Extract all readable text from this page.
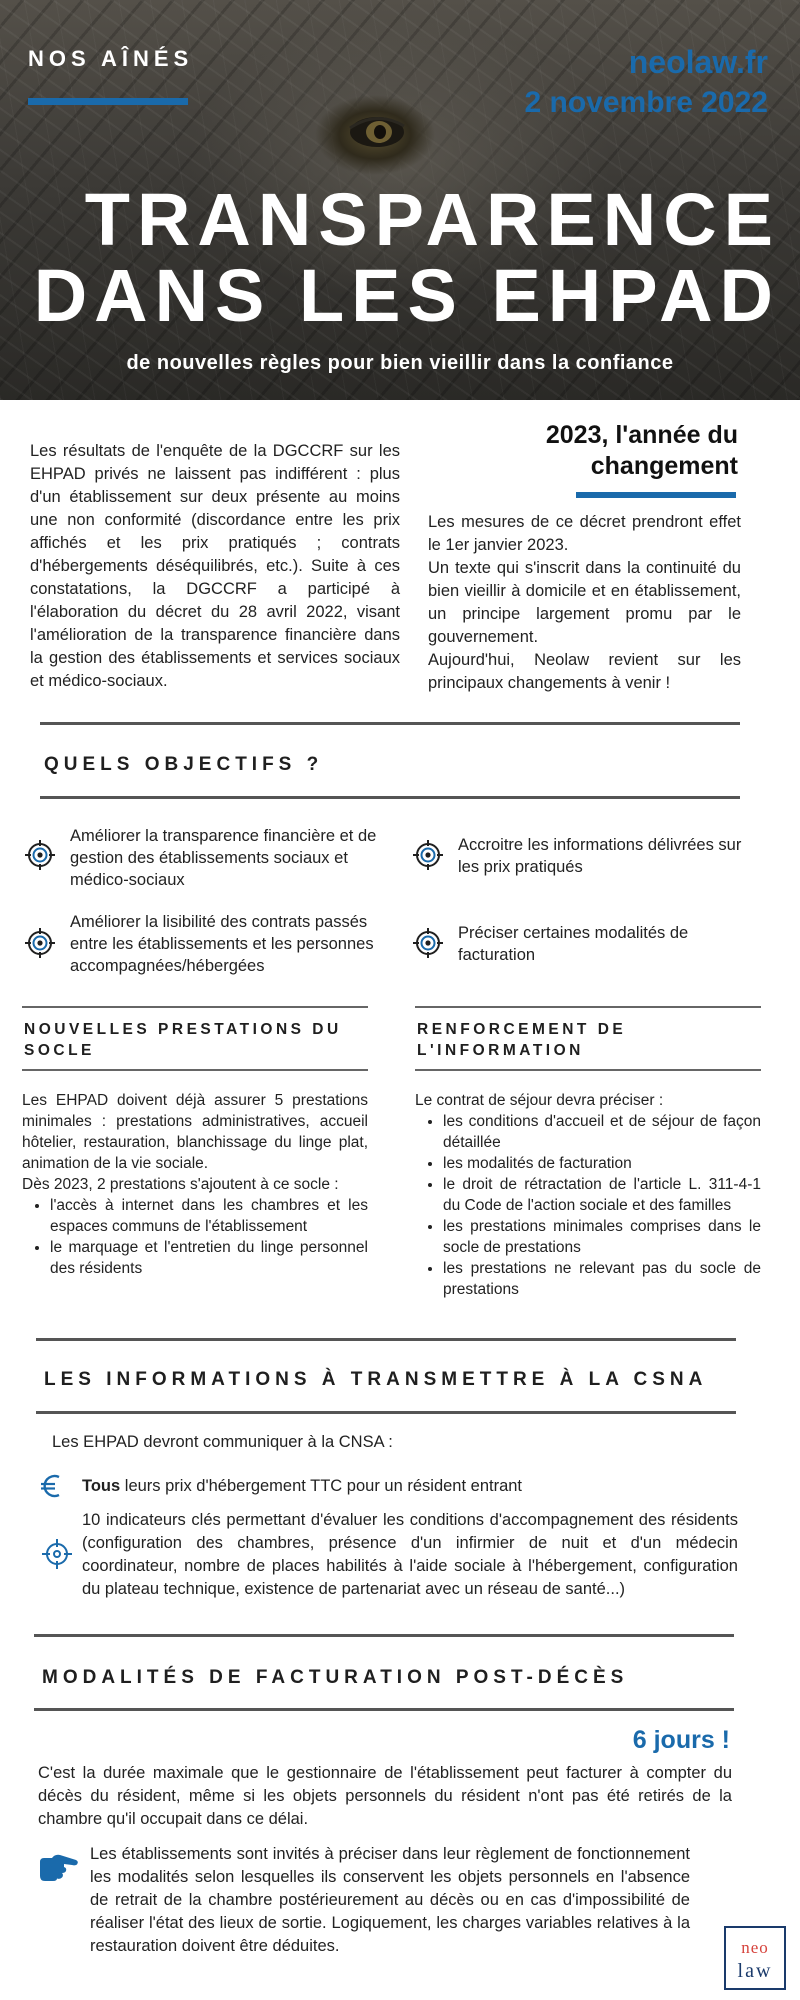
NOS AÎNÉS	neolaw.fr
2 novembre 2022
TRANSPARENCE
DANS LES EHPAD
de nouvelles règles pour bien vieillir dans la confiance
Les résultats de l'enquête de la DGCCRF sur les EHPAD privés ne laissent pas indifférent : plus d'un établissement sur deux présente au moins une non conformité (discordance entre les prix affichés et les prix pratiqués ; contrats d'hébergements déséquilibrés, etc.). Suite à ces constatations, la DGCCRF a participé à l'élaboration du décret du 28 avril 2022, visant l'amélioration de la transparence financière dans la gestion des établissements et services sociaux et médico-sociaux.
2023, l'année du
changement
Les mesures de ce décret prendront effet le 1er janvier 2023.
Un texte qui s'inscrit dans la continuité du bien vieillir à domicile et en établissement, un principe largement promu par le gouvernement.
Aujourd'hui, Neolaw revient sur les principaux changements à venir !
QUELS OBJECTIFS ?
Améliorer la transparence financière et de gestion des établissements sociaux et médico-sociaux
Accroitre les informations délivrées sur les prix pratiqués
Améliorer la lisibilité des contrats passés entre les établissements et les personnes accompagnées/hébergées
Préciser certaines modalités de facturation
NOUVELLES PRESTATIONS DU
SOCLE
Les EHPAD doivent déjà assurer 5 prestations minimales : prestations administratives, accueil hôtelier, restauration, blanchissage du linge plat, animation de la vie sociale.
Dès 2023, 2 prestations s'ajoutent à ce socle :
• l'accès à internet dans les chambres et les espaces communs de l'établissement
• le marquage et l'entretien du linge personnel des résidents
RENFORCEMENT DE
L'INFORMATION
Le contrat de séjour devra préciser :
• les conditions d'accueil et de séjour de façon détaillée
• les modalités de facturation
• le droit de rétractation de l'article L. 311-4-1 du Code de l'action sociale et des familles
• les prestations minimales comprises dans le socle de prestations
• les prestations ne relevant pas du socle de prestations
LES INFORMATIONS À TRANSMETTRE À LA CSNA
Les EHPAD devront communiquer à la CNSA :
Tous leurs prix d'hébergement TTC pour un résident entrant
10 indicateurs clés permettant d'évaluer les conditions d'accompagnement des résidents (configuration des chambres, présence d'un infirmier de nuit et d'un médecin coordinateur, nombre de places habilités à l'aide sociale à l'hébergement, configuration du plateau technique, existence de partenariat avec un réseau de santé...)
MODALITÉS DE FACTURATION POST-DÉCÈS
6 jours !
C'est la durée maximale que le gestionnaire de l'établissement peut facturer à compter du décès du résident, même si les objets personnels du résident n'ont pas été retirés de la chambre qu'il occupait dans ce délai.
Les établissements sont invités à préciser dans leur règlement de fonctionnement les modalités selon lesquelles ils conservent les objets personnels en l'absence de retrait de la chambre postérieurement au décès ou en cas d'impossibilité de réaliser l'état des lieux de sortie. Logiquement, les charges variables relatives à la restauration doivent être déduites.	neo
law
